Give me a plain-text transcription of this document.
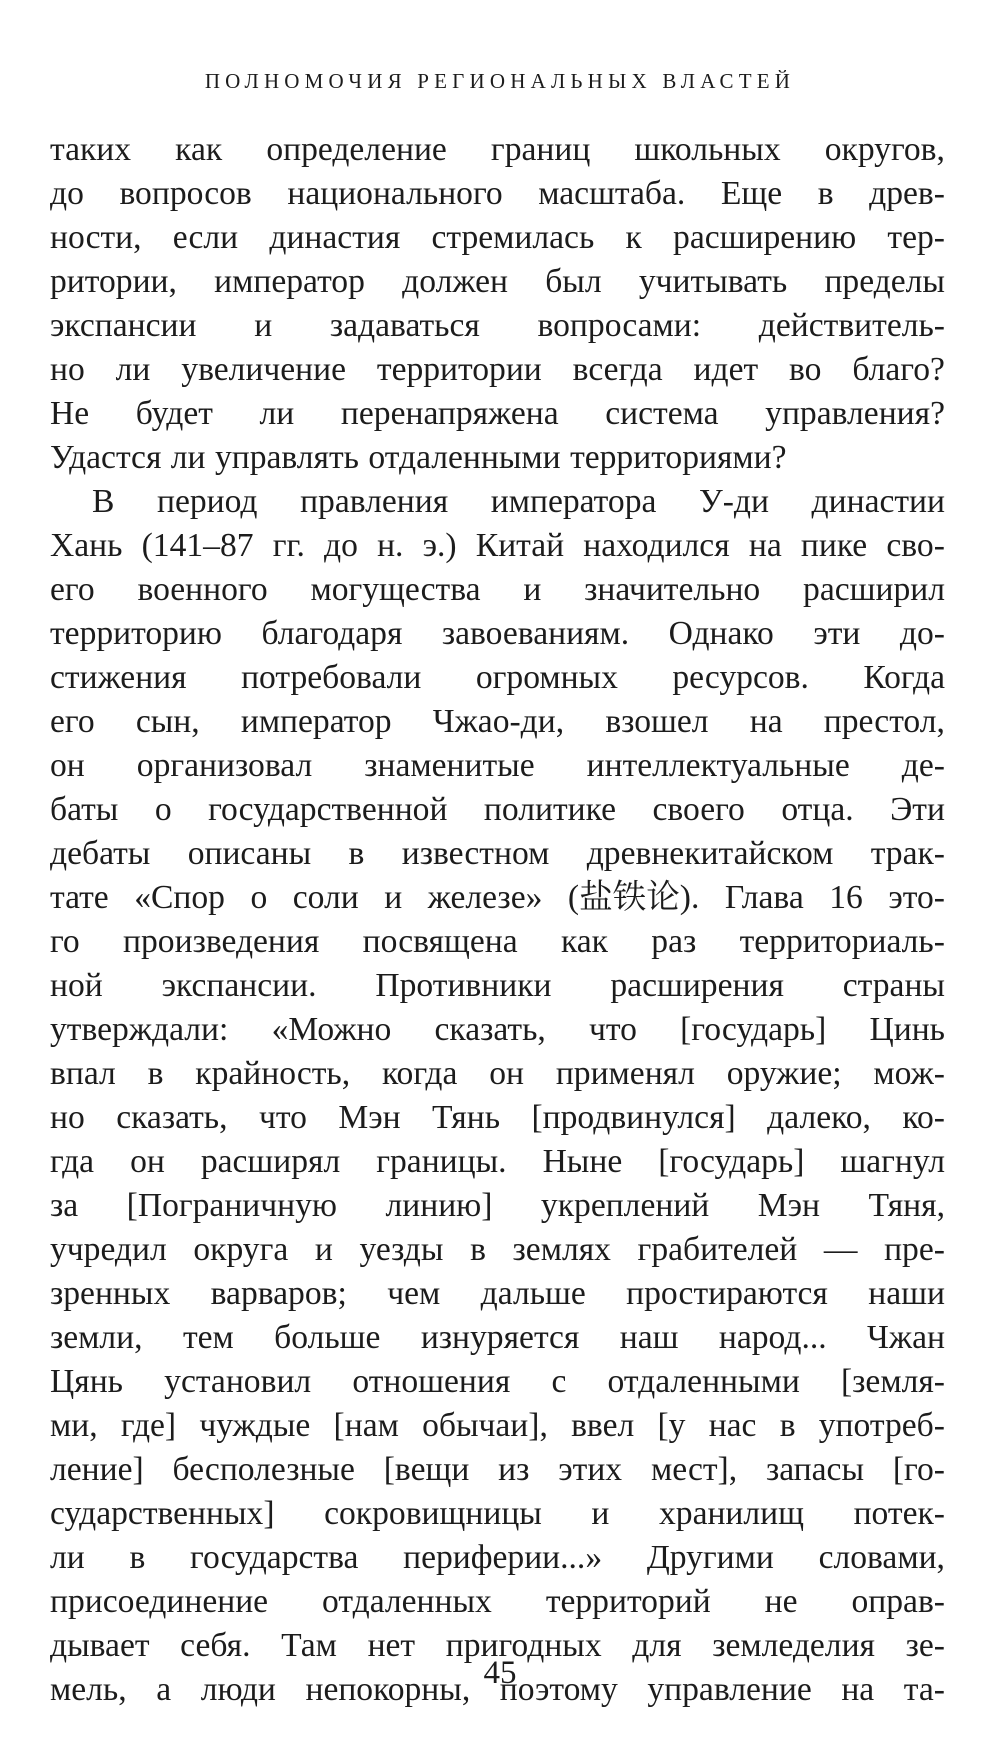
ПОЛНОМОЧИЯ РЕГИОНАЛЬНЫХ ВЛАСТЕЙ
таких как определение границ школьных округов,
до вопросов национального масштаба. Еще в древ-
ности, если династия стремилась к расширению тер-
ритории, император должен был учитывать пределы
экспансии и задаваться вопросами: действитель-
но ли увеличение территории всегда идет во благо?
Не будет ли перенапряжена система управления?
Удастся ли управлять отдаленными территориями?
В период правления императора У-ди династии
Хань (141–87 гг. до н. э.) Китай находился на пике сво-
его военного могущества и значительно расширил
территорию благодаря завоеваниям. Однако эти до-
стижения потребовали огромных ресурсов. Когда
его сын, император Чжао-ди, взошел на престол,
он организовал знаменитые интеллектуальные де-
баты о государственной политике своего отца. Эти
дебаты описаны в известном древнекитайском трак-
тате «Спор о соли и железе» (盐铁论). Глава 16 это-
го произведения посвящена как раз территориаль-
ной экспансии. Противники расширения страны
утверждали: «Можно сказать, что [государь] Цинь
впал в крайность, когда он применял оружие; мож-
но сказать, что Мэн Тянь [продвинулся] далеко, ко-
гда он расширял границы. Ныне [государь] шагнул
за [Пограничную линию] укреплений Мэн Тяня,
учредил округа и уезды в землях грабителей — пре-
зренных варваров; чем дальше простираются наши
земли, тем больше изнуряется наш народ... Чжан
Цянь установил отношения с отдаленными [земля-
ми, где] чуждые [нам обычаи], ввел [у нас в употреб-
ление] бесполезные [вещи из этих мест], запасы [го-
сударственных] сокровищницы и хранилищ потек-
ли в государства периферии...» Другими словами,
присоединение отдаленных территорий не оправ-
дывает себя. Там нет пригодных для земледелия зе-
мель, а люди непокорны, поэтому управление на та-
45
